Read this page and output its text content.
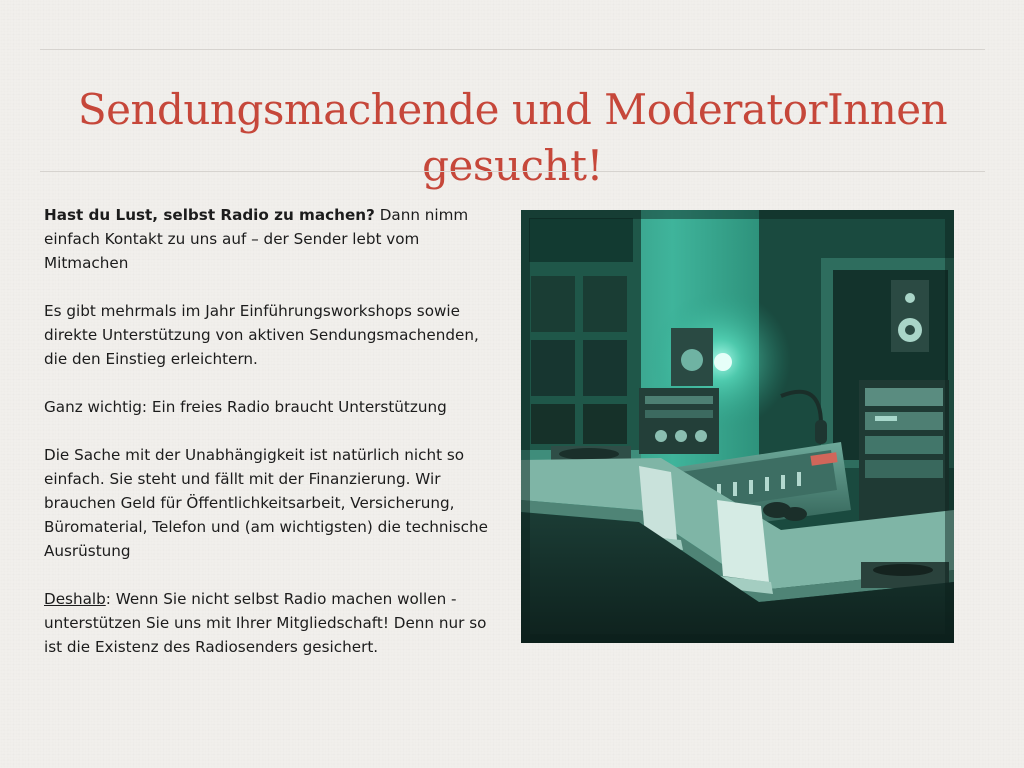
Sendungsmachende und ModeratorInnen gesucht!

Hast du Lust, selbst Radio zu machen? Dann nimm einfach Kontakt zu uns auf – der Sender lebt vom Mitmachen

Es gibt mehrmals im Jahr Einführungsworkshops sowie direkte Unterstützung von aktiven Sendungsmachenden, die den Einstieg erleichtern.

Ganz wichtig: Ein freies Radio braucht Unterstützung

Die Sache mit der Unabhängigkeit ist natürlich nicht so einfach. Sie steht und fällt mit der Finanzierung. Wir brauchen Geld für Öffentlichkeitsarbeit, Versicherung, Büromaterial, Telefon und (am wichtigsten) die technische Ausrüstung

Deshalb: Wenn Sie nicht selbst Radio machen wollen - unterstützen Sie uns mit Ihrer Mitgliedschaft! Denn nur so ist die Existenz des Radiosenders gesichert.
